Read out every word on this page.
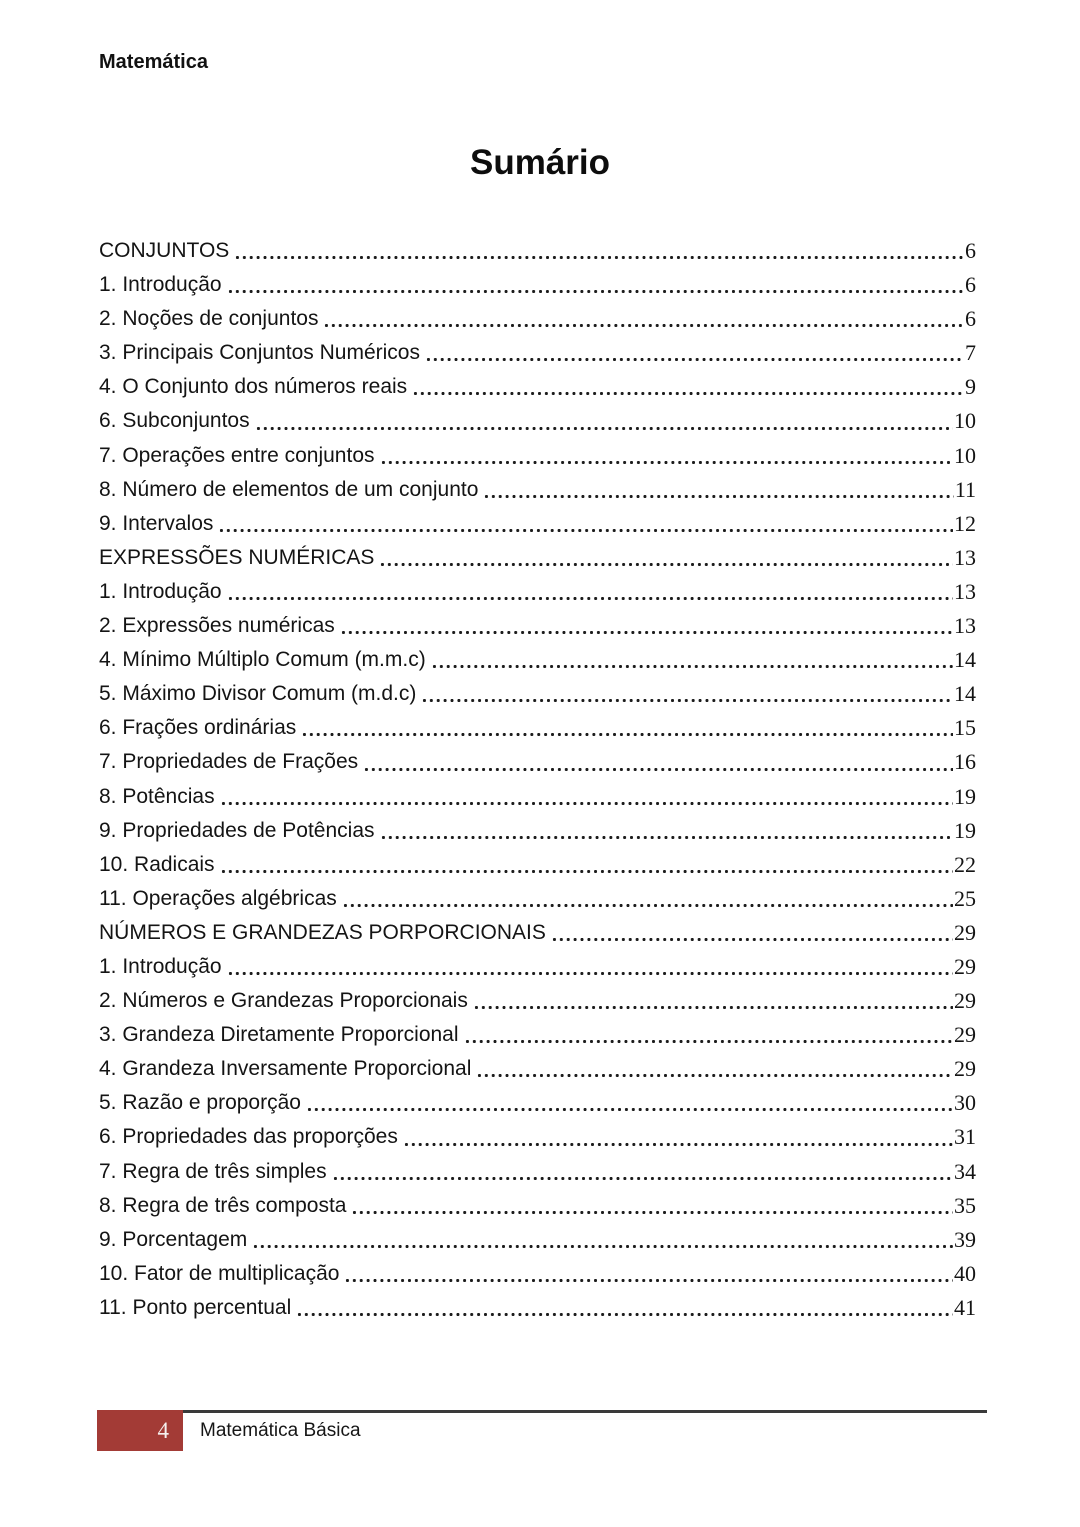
Matemática
Sumário
CONJUNTOS	6
1. Introdução	6
2. Noções de conjuntos	6
3. Principais Conjuntos Numéricos	7
4. O Conjunto dos números reais	9
6. Subconjuntos	10
7. Operações entre conjuntos	10
8. Número de elementos de um conjunto	11
9. Intervalos	12
EXPRESSÕES NUMÉRICAS	13
1. Introdução	13
2. Expressões numéricas	13
4. Mínimo Múltiplo Comum (m.m.c)	14
5. Máximo Divisor Comum (m.d.c)	14
6. Frações ordinárias	15
7. Propriedades de Frações	16
8. Potências	19
9. Propriedades de Potências	19
10. Radicais	22
11. Operações algébricas	25
NÚMEROS E GRANDEZAS PORPORCIONAIS	29
1. Introdução	29
2. Números e Grandezas Proporcionais	29
3. Grandeza Diretamente Proporcional	29
4. Grandeza Inversamente Proporcional	29
5. Razão e proporção	30
6. Propriedades das proporções	31
7. Regra de três simples	34
8. Regra de três composta	35
9. Porcentagem	39
10. Fator de multiplicação	40
11. Ponto percentual	41
4	Matemática Básica
